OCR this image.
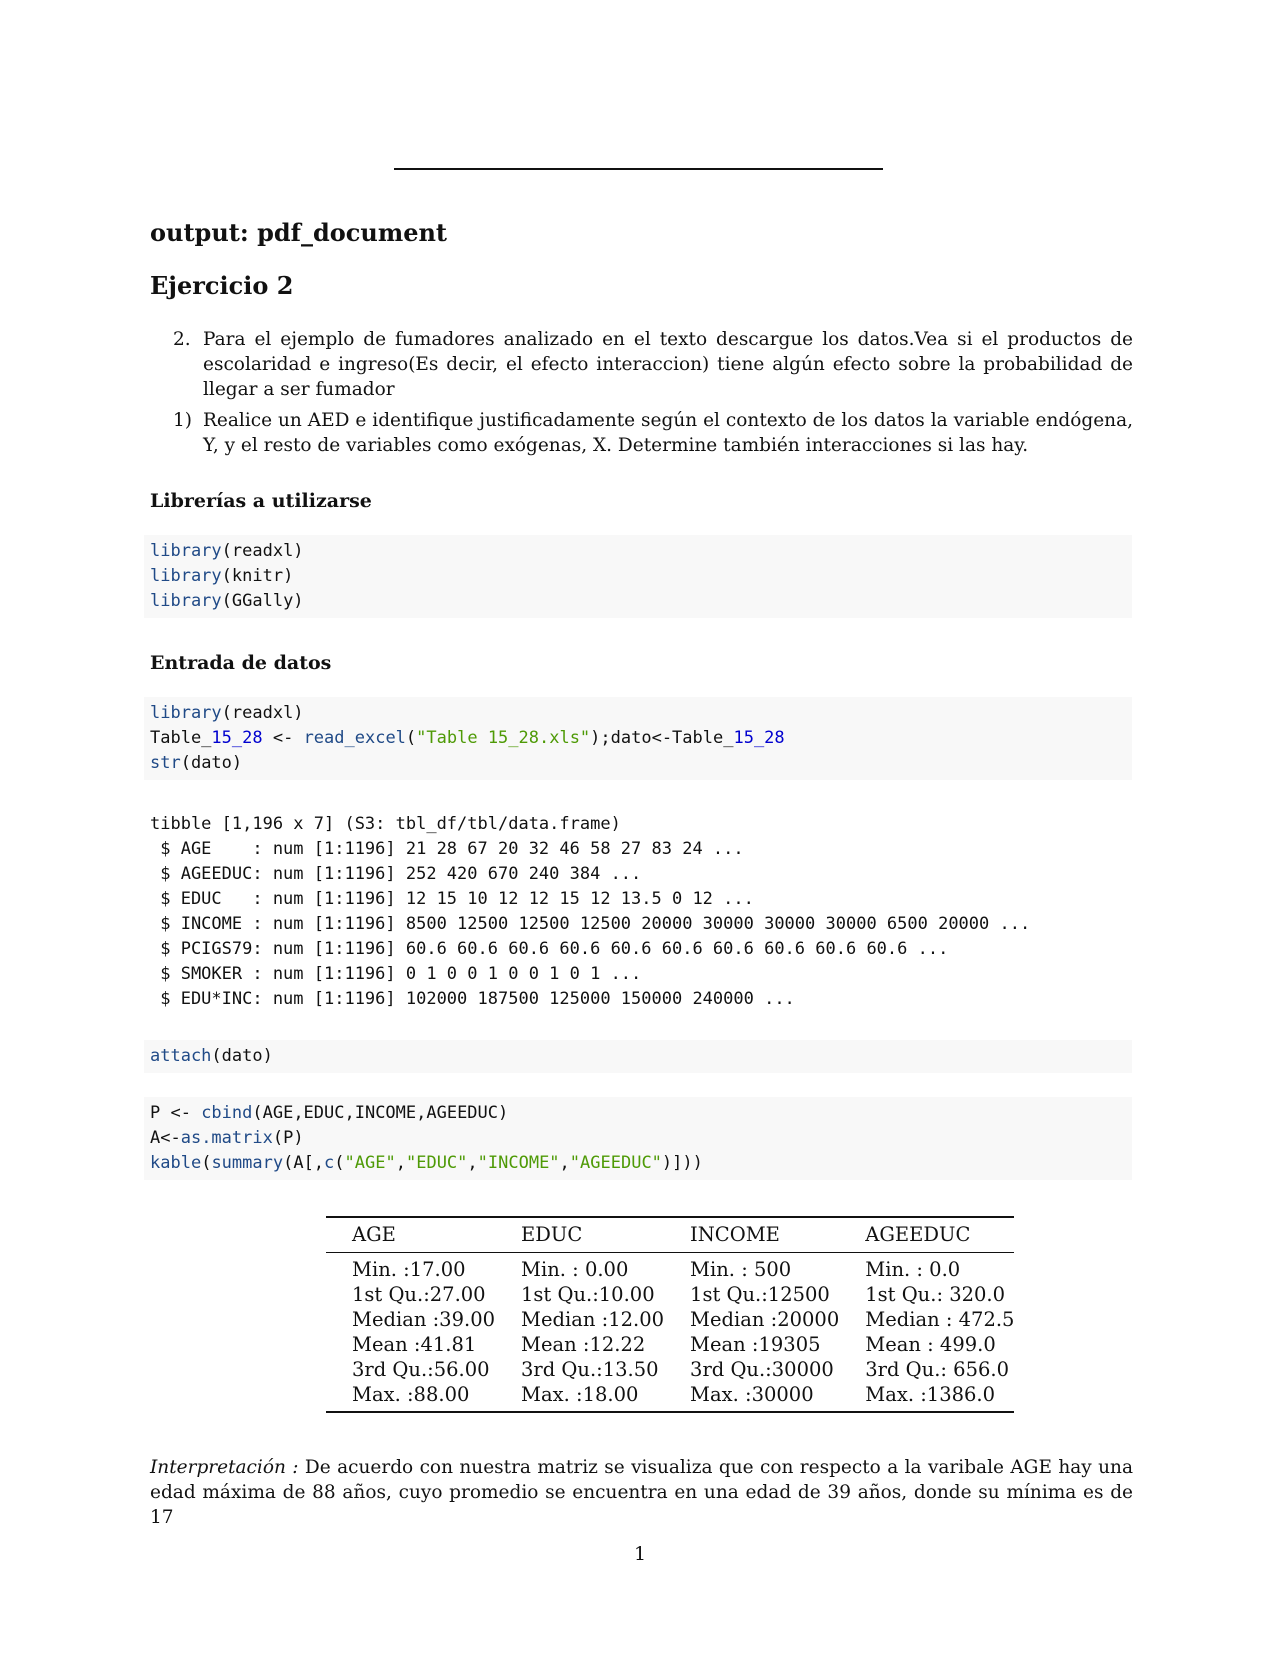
output: pdf_document
Ejercicio 2
2. Para el ejemplo de fumadores analizado en el texto descargue los datos.Vea si el productos de escolaridad e ingreso(Es decir, el efecto interaccion) tiene algún efecto sobre la probabilidad de llegar a ser fumador
1) Realice un AED e identifique justificadamente según el contexto de los datos la variable endógena, Y, y el resto de variables como exógenas, X. Determine también interacciones si las hay.
Librerías a utilizarse
library(readxl)
library(knitr)
library(GGally)
Entrada de datos
library(readxl)
Table_15_28 <- read_excel("Table 15_28.xls");dato<-Table_15_28
str(dato)
tibble [1,196 x 7] (S3: tbl_df/tbl/data.frame)
$ AGE    : num [1:1196] 21 28 67 20 32 46 58 27 83 24 ...
$ AGEEDUC: num [1:1196] 252 420 670 240 384 ...
$ EDUC   : num [1:1196] 12 15 10 12 12 15 12 13.5 0 12 ...
$ INCOME : num [1:1196] 8500 12500 12500 12500 20000 30000 30000 30000 6500 20000 ...
$ PCIGS79: num [1:1196] 60.6 60.6 60.6 60.6 60.6 60.6 60.6 60.6 60.6 60.6 ...
$ SMOKER : num [1:1196] 0 1 0 0 1 0 0 1 0 1 ...
$ EDU*INC: num [1:1196] 102000 187500 125000 150000 240000 ...
attach(dato)
P <- cbind(AGE,EDUC,INCOME,AGEEDUC)
A<-as.matrix(P)
kable(summary(A[,c("AGE","EDUC","INCOME","AGEEDUC")]))
AGE	EDUC	INCOME	AGEEDUC
Min. :17.00	Min. : 0.00	Min. : 500	Min. : 0.0
1st Qu.:27.00	1st Qu.:10.00	1st Qu.:12500	1st Qu.: 320.0
Median :39.00	Median :12.00	Median :20000	Median : 472.5
Mean :41.81	Mean :12.22	Mean :19305	Mean : 499.0
3rd Qu.:56.00	3rd Qu.:13.50	3rd Qu.:30000	3rd Qu.: 656.0
Max. :88.00	Max. :18.00	Max. :30000	Max. :1386.0
Interpretación : De acuerdo con nuestra matriz se visualiza que con respecto a la varibale AGE hay una edad máxima de 88 años, cuyo promedio se encuentra en una edad de 39 años, donde su mínima es de 17
1
